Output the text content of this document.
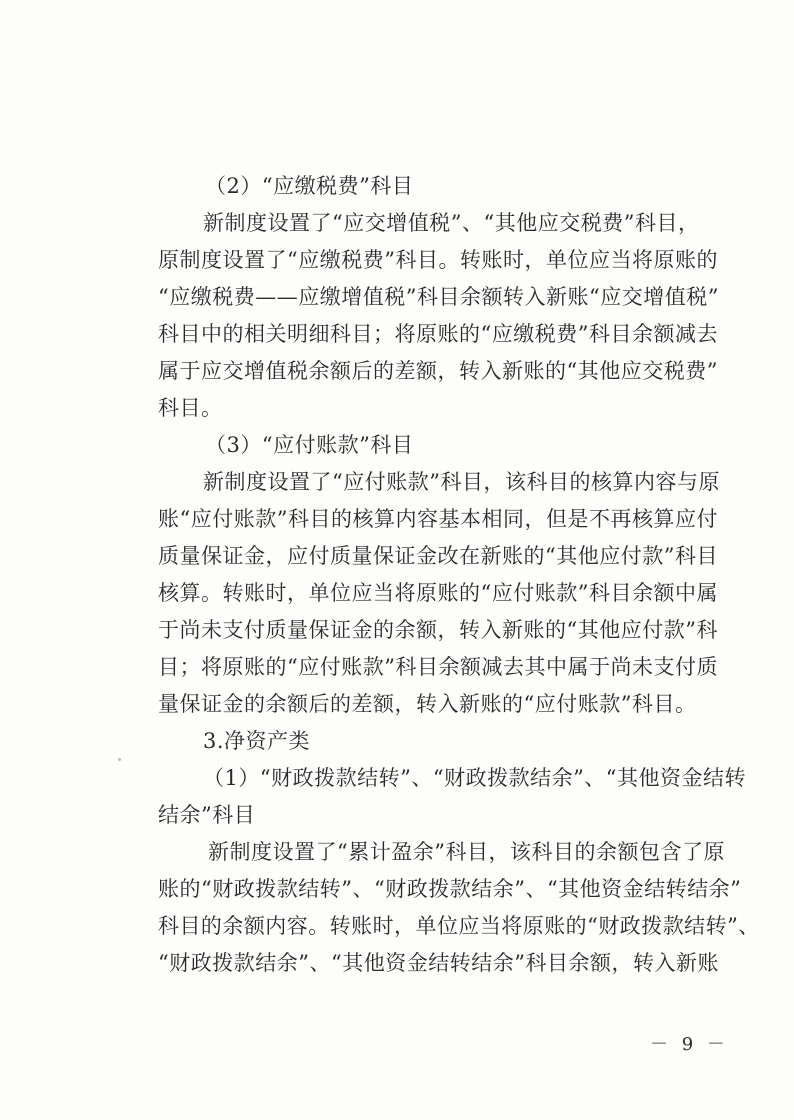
（2）“应缴税费”科目
新制度设置了“应交增值税”、“其他应交税费”科目，
原制度设置了“应缴税费”科目。转账时，单位应当将原账的
“应缴税费——应缴增值税”科目余额转入新账“应交增值税”
科目中的相关明细科目；将原账的“应缴税费”科目余额减去
属于应交增值税余额后的差额，转入新账的“其他应交税费”
科目。
（3）“应付账款”科目
新制度设置了“应付账款”科目，该科目的核算内容与原
账“应付账款”科目的核算内容基本相同，但是不再核算应付
质量保证金，应付质量保证金改在新账的“其他应付款”科目
核算。转账时，单位应当将原账的“应付账款”科目余额中属
于尚未支付质量保证金的余额，转入新账的“其他应付款”科
目；将原账的“应付账款”科目余额减去其中属于尚未支付质
量保证金的余额后的差额，转入新账的“应付账款”科目。
3.净资产类
（1）“财政拨款结转”、“财政拨款结余”、“其他资金结转
结余”科目
新制度设置了“累计盈余”科目，该科目的余额包含了原
账的“财政拨款结转”、“财政拨款结余”、“其他资金结转结余”
科目的余额内容。转账时，单位应当将原账的“财政拨款结转”、
“财政拨款结余”、“其他资金结转结余”科目余额，转入新账
－ 9 －
